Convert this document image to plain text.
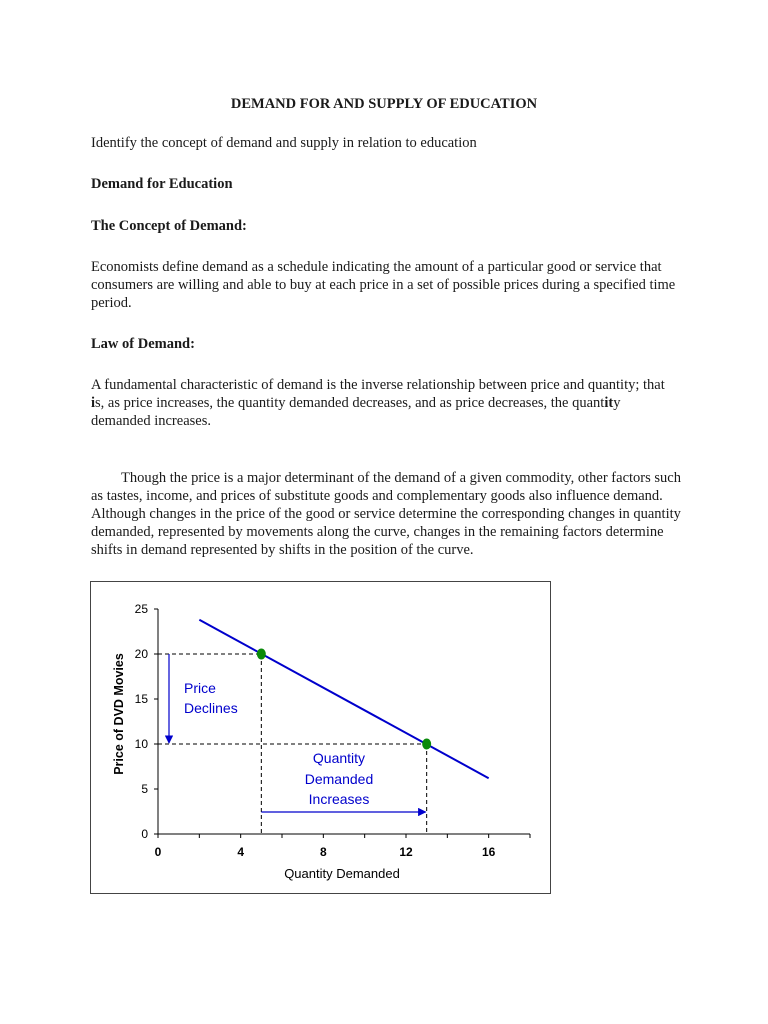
DEMAND FOR AND SUPPLY OF EDUCATION

Identify the concept of demand and supply in relation to education

Demand for Education

The Concept of Demand:

Economists define demand as a schedule indicating the amount of a particular good or service that consumers are willing and able to buy at each price in a set of possible prices during a specified time period.

Law of Demand:

A fundamental characteristic of demand is the inverse relationship between price and quantity; that is, as price increases, the quantity demanded decreases, and as price decreases, the quantity demanded increases.

Though the price is a major determinant of the demand of a given commodity, other factors such as tastes, income, and prices of substitute goods and complementary goods also influence demand. Although changes in the price of the good or service determine the corresponding changes in quantity demanded, represented by movements along the curve, changes in the remaining factors determine shifts in demand represented by shifts in the position of the curve.

Price of DVD Movies
Quantity Demanded
0
5
10
15
20
25
0	4	8	12	16
Price
Declines
Quantity
Demanded
Increases
